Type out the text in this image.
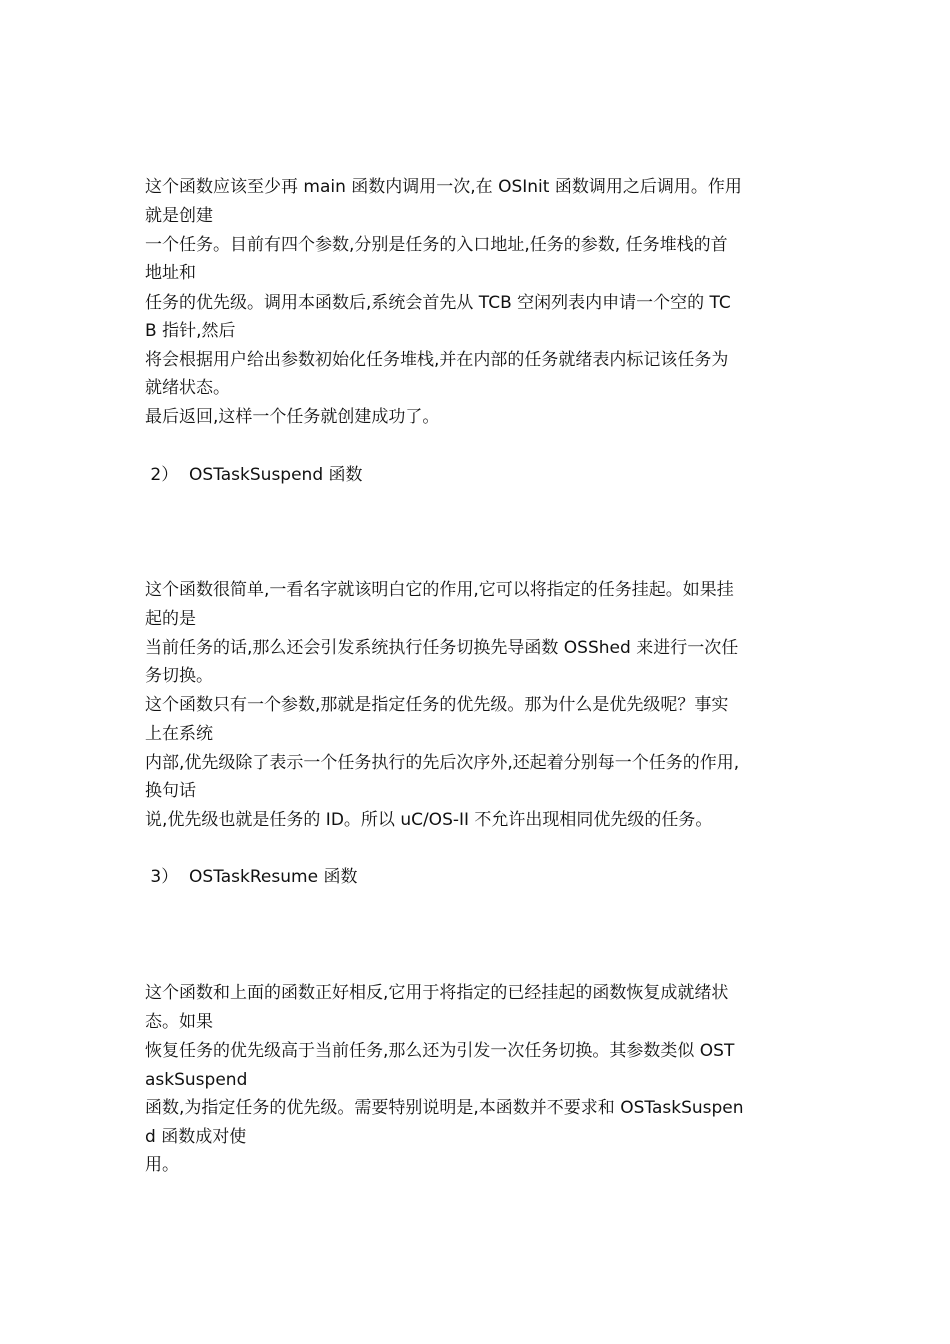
这个函数应该至少再 main 函数内调用一次,在 OSInit 函数调用之后调用。作用

就是创建

一个任务。目前有四个参数,分别是任务的入口地址,任务的参数, 任务堆栈的首

地址和

任务的优先级。调用本函数后,系统会首先从 TCB 空闲列表内申请一个空的 TC

B 指针,然后

将会根据用户给出参数初始化任务堆栈,并在内部的任务就绪表内标记该任务为

就绪状态。

最后返回,这样一个任务就创建成功了。

2）  OSTaskSuspend 函数

这个函数很简单,一看名字就该明白它的作用,它可以将指定的任务挂起。如果挂

起的是

当前任务的话,那么还会引发系统执行任务切换先导函数 OSShed 来进行一次任

务切换。

这个函数只有一个参数,那就是指定任务的优先级。那为什么是优先级呢？事实

上在系统

内部,优先级除了表示一个任务执行的先后次序外,还起着分别每一个任务的作用,

换句话

说,优先级也就是任务的 ID。所以 uC/OS-II 不允许出现相同优先级的任务。

3）  OSTaskResume 函数

这个函数和上面的函数正好相反,它用于将指定的已经挂起的函数恢复成就绪状

态。如果

恢复任务的优先级高于当前任务,那么还为引发一次任务切换。其参数类似 OST

askSuspend

函数,为指定任务的优先级。需要特别说明是,本函数并不要求和 OSTaskSuspen

d 函数成对使

用。
